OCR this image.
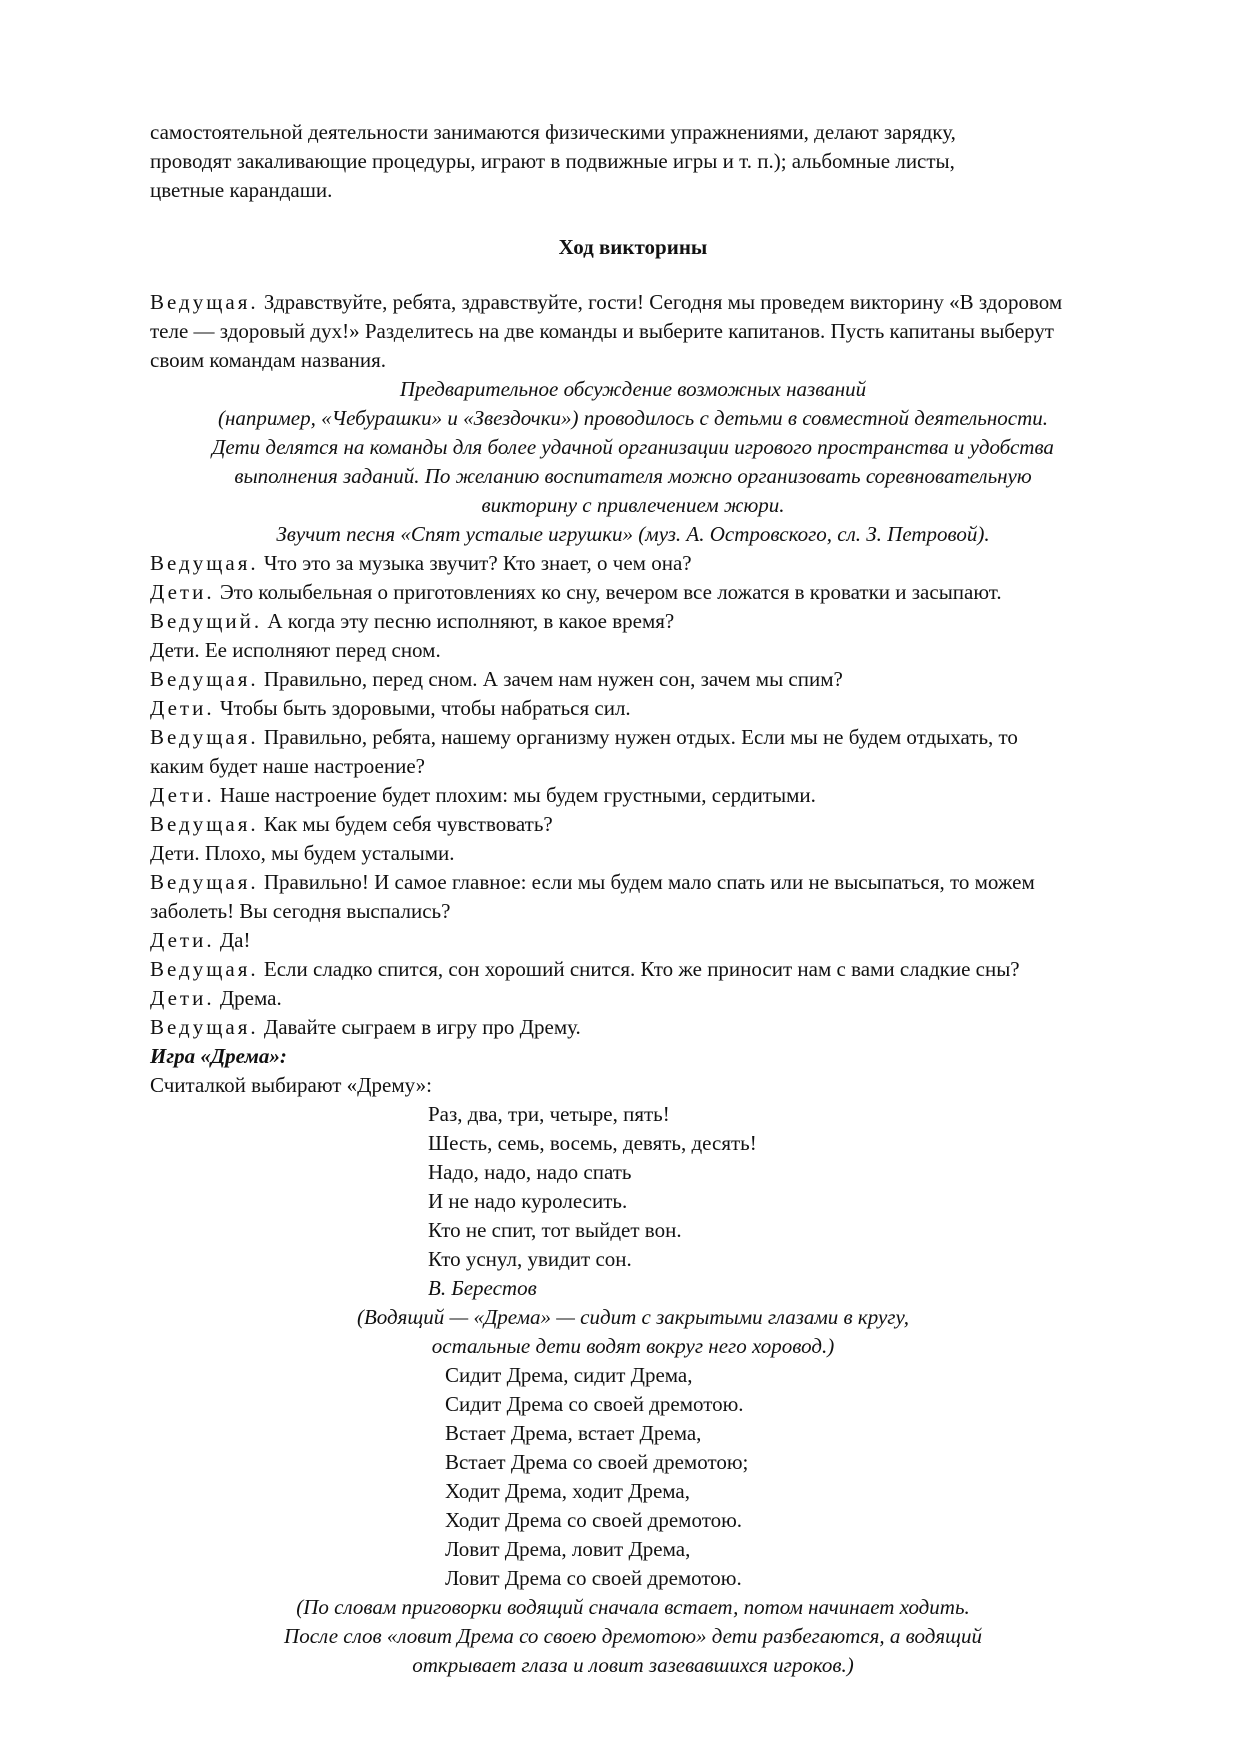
самостоятельной деятельности занимаются физическими упражнениями, делают зарядку,

проводят закаливающие процедуры, играют в подвижные игры и т. п.); альбомные листы,

цветные карандаши.

Ход викторины

Ведущая. Здравствуйте, ребята, здравствуйте, гости! Сегодня мы проведем викторину «В здоровом

теле — здоровый дух!» Разделитесь на две команды и выберите капитанов. Пусть капитаны выберут

своим командам названия.

Предварительное обсуждение возможных названий

(например, «Чебурашки» и «Звездочки») проводилось с детьми в совместной деятельности.

Дети делятся на команды для более удачной организации игрового пространства и удобства

выполнения заданий. По желанию воспитателя можно организовать соревновательную

викторину с привлечением жюри.

Звучит песня «Спят усталые игрушки» (муз. А. Островского, сл. З. Петровой).

Ведущая. Что это за музыка звучит? Кто знает, о чем она?

Дети. Это колыбельная о приготовлениях ко сну, вечером все ложатся в кроватки и засыпают.

Ведущий. А когда эту песню исполняют, в какое время?

Дети. Ее исполняют перед сном.

Ведущая. Правильно, перед сном. А зачем нам нужен сон, зачем мы спим?

Дети. Чтобы быть здоровыми, чтобы набраться сил.

Ведущая. Правильно, ребята, нашему организму нужен отдых. Если мы не будем отдыхать, то

каким будет наше настроение?

Дети. Наше настроение будет плохим: мы будем грустными, сердитыми.

Ведущая. Как мы будем себя чувствовать?

Дети. Плохо, мы будем усталыми.

Ведущая. Правильно! И самое главное: если мы будем мало спать или не высыпаться, то можем

заболеть! Вы сегодня выспались?

Дети. Да!

Ведущая. Если сладко спится, сон хороший снится. Кто же приносит нам с вами сладкие сны?

Дети. Дрема.

Ведущая. Давайте сыграем в игру про Дрему.

Игра «Дрема»:

Считалкой выбирают «Дрему»:

Раз, два, три, четыре, пять!

Шесть, семь, восемь, девять, десять!

Надо, надо, надо спать

И не надо куролесить.

Кто не спит, тот выйдет вон.

Кто уснул, увидит сон.

В. Берестов

(Водящий — «Дрема» — сидит с закрытыми глазами в кругу,

остальные дети водят вокруг него хоровод.)

Сидит Дрема, сидит Дрема,

Сидит Дрема со своей дремотою.

Встает Дрема, встает Дрема,

Встает Дрема со своей дремотою;

Ходит Дрема, ходит Дрема,

Ходит Дрема со своей дремотою.

Ловит Дрема, ловит Дрема,

Ловит Дрема со своей дремотою.

(По словам приговорки водящий сначала встает, потом начинает ходить.

После слов «ловит Дрема со своею дремотою» дети разбегаются, а водящий

открывает глаза и ловит зазевавшихся игроков.)
